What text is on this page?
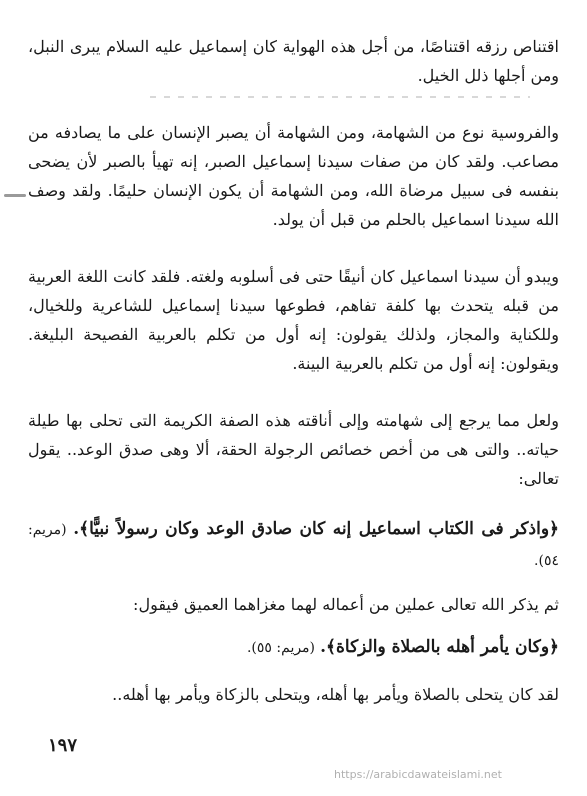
اقتناص رزقه اقتناصًا، من أجل هذه الهواية كان إسماعيل عليه السلام يبرى النبل، ومن أجلها ذلل الخيل.

والفروسية نوع من الشهامة، ومن الشهامة أن يصبر الإنسان على ما يصادفه من مصاعب. ولقد كان من صفات سيدنا إسماعيل الصبر، إنه تهيأ بالصبر لأن يضحى بنفسه فى سبيل مرضاة الله، ومن الشهامة أن يكون الإنسان حليمًا. ولقد وصف الله سيدنا اسماعيل بالحلم من قبل أن يولد.

ويبدو أن سيدنا اسماعيل كان أنيقًا حتى فى أسلوبه ولغته. فلقد كانت اللغة العربية من قبله يتحدث بها كلفة تفاهم، فطوعها سيدنا إسماعيل للشاعرية وللخيال، وللكناية والمجاز، ولذلك يقولون: إنه أول من تكلم بالعربية الفصيحة البليغة. ويقولون: إنه أول من تكلم بالعربية البينة.

ولعل مما يرجع إلى شهامته وإلى أناقته هذه الصفة الكريمة التى تحلى بها طيلة حياته.. والتى هى من أخص خصائص الرجولة الحقة، ألا وهى صدق الوعد.. يقول تعالى:

﴿واذكر فى الكتاب اسماعيل إنه كان صادق الوعد وكان رسولاً نبيًّا﴾. (مريم: ٥٤).

ثم يذكر الله تعالى عملين من أعماله لهما مغزاهما العميق فيقول:

﴿وكان يأمر أهله بالصلاة والزكاة﴾. (مريم: ٥٥).

لقد كان يتحلى بالصلاة ويأمر بها أهله، ويتحلى بالزكاة ويأمر بها أهله..

١٩٧
https://arabicdawateislami.net
